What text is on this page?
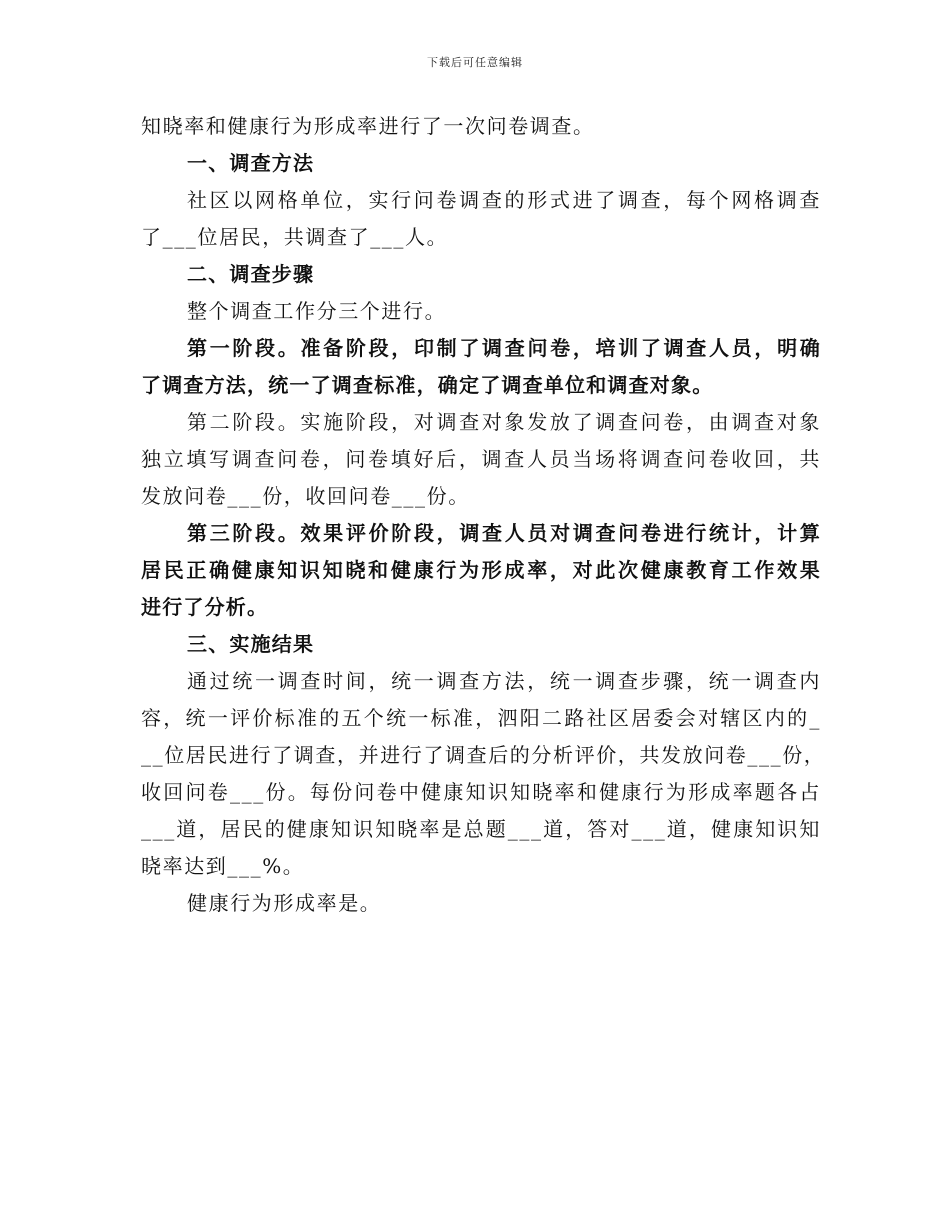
下载后可任意编辑
知晓率和健康行为形成率进行了一次问卷调查。
一、调查方法
社区以网格单位，实行问卷调查的形式进了调查，每个网格调查
了___位居民，共调查了___人。
二、调查步骤
整个调查工作分三个进行。
第一阶段。准备阶段，印制了调查问卷，培训了调查人员，明确
了调查方法，统一了调查标准，确定了调查单位和调查对象。
第二阶段。实施阶段，对调查对象发放了调查问卷，由调查对象
独立填写调查问卷，问卷填好后，调查人员当场将调查问卷收回，共
发放问卷___份，收回问卷___份。
第三阶段。效果评价阶段，调查人员对调查问卷进行统计，计算
居民正确健康知识知晓和健康行为形成率，对此次健康教育工作效果
进行了分析。
三、实施结果
通过统一调查时间，统一调查方法，统一调查步骤，统一调查内
容，统一评价标准的五个统一标准，泗阳二路社区居委会对辖区内的_
__位居民进行了调查，并进行了调查后的分析评价，共发放问卷___份，
收回问卷___份。每份问卷中健康知识知晓率和健康行为形成率题各占
___道，居民的健康知识知晓率是总题___道，答对___道，健康知识知
晓率达到___%。
健康行为形成率是。
